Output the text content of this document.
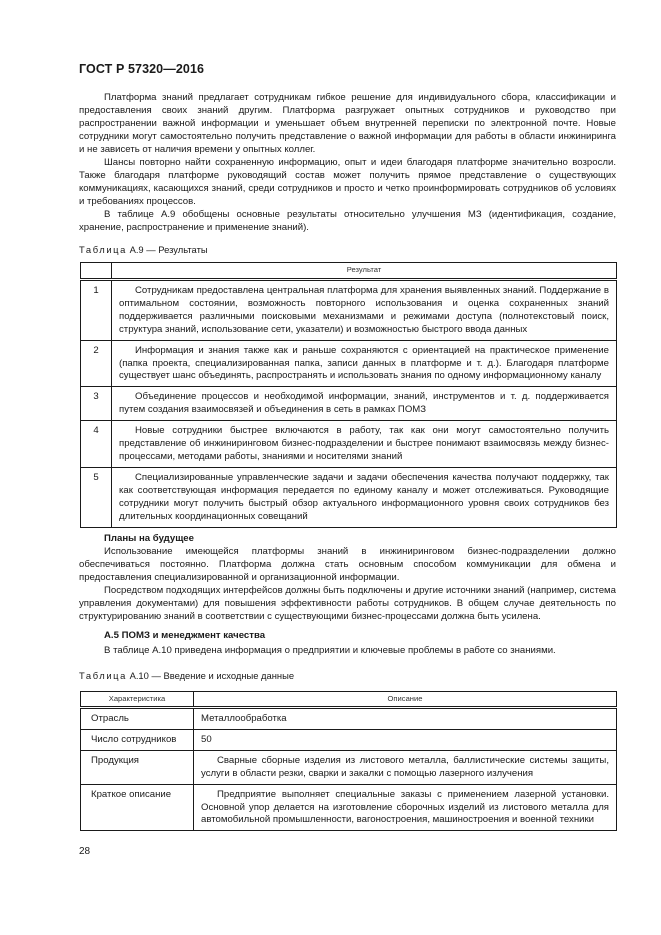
ГОСТ Р 57320—2016

Платформа знаний предлагает сотрудникам гибкое решение для индивидуального сбора, классификации и предоставления своих знаний другим. Платформа разгружает опытных сотрудников и руководство при распространении важной информации и уменьшает объем внутренней переписки по электронной почте. Новые сотрудники могут самостоятельно получить представление о важной информации для работы в области инжиниринга и не зависеть от наличия времени у опытных коллег.

Шансы повторно найти сохраненную информацию, опыт и идеи благодаря платформе значительно возросли. Также благодаря платформе руководящий состав может получить прямое представление о существующих коммуникациях, касающихся знаний, среди сотрудников и просто и четко проинформировать сотрудников об условиях и требованиях процессов.

В таблице А.9 обобщены основные результаты относительно улучшения МЗ (идентификация, создание, хранение, распространение и применение знаний).

Таблица А.9 — Результаты
	Результат
1	Сотрудникам предоставлена центральная платформа для хранения выявленных знаний. Поддержание в оптимальном состоянии, возможность повторного использования и оценка сохраненных знаний поддерживается различными поисковыми механизмами и режимами доступа (полнотекстовый поиск, структура знаний, использование сети, указатели) и возможностью быстрого ввода данных

2	Информация и знания также как и раньше сохраняются с ориентацией на практическое применение (папка проекта, специализированная папка, записи данных в платформе и т. д.). Благодаря платформе существует шанс объединять, распространять и использовать знания по одному информационному каналу

3	Объединение процессов и необходимой информации, знаний, инструментов и т. д. поддерживается путем создания взаимосвязей и объединения в сеть в рамках ПОМЗ

4	Новые сотрудники быстрее включаются в работу, так как они могут самостоятельно получить представление об инжиниринговом бизнес-подразделении и быстрее понимают взаимосвязь между бизнес-процессами, методами работы, знаниями и носителями знаний

5	Специализированные управленческие задачи и задачи обеспечения качества получают поддержку, так как соответствующая информация передается по единому каналу и может отслеживаться. Руководящие сотрудники могут получить быстрый обзор актуального информационного уровня своих сотрудников без длительных координационных совещаний
Планы на будущее

Использование имеющейся платформы знаний в инжиниринговом бизнес-подразделении должно обеспечиваться постоянно. Платформа должна стать основным способом коммуникации для обмена и предоставления специализированной и организационной информации.

Посредством подходящих интерфейсов должны быть подключены и другие источники знаний (например, система управления документами) для повышения эффективности работы сотрудников. В общем случае деятельность по структурированию знаний в соответствии с существующими бизнес-процессами должна быть усилена.

А.5 ПОМЗ и менеджмент качества

В таблице А.10 приведена информация о предприятии и ключевые проблемы в работе со знаниями.

Таблица А.10 — Введение и исходные данные
Характеристика	Описание
Отрасль	Металлообработка

Число сотрудников	50

Продукция	Сварные сборные изделия из листового металла, баллистические системы защиты, услуги в области резки, сварки и закалки с помощью лазерного излучения

Краткое описание	Предприятие выполняет специальные заказы с применением лазерной установки. Основной упор делается на изготовление сборочных изделий из листового металла для автомобильной промышленности, вагоностроения, машиностроения и военной техники
28
